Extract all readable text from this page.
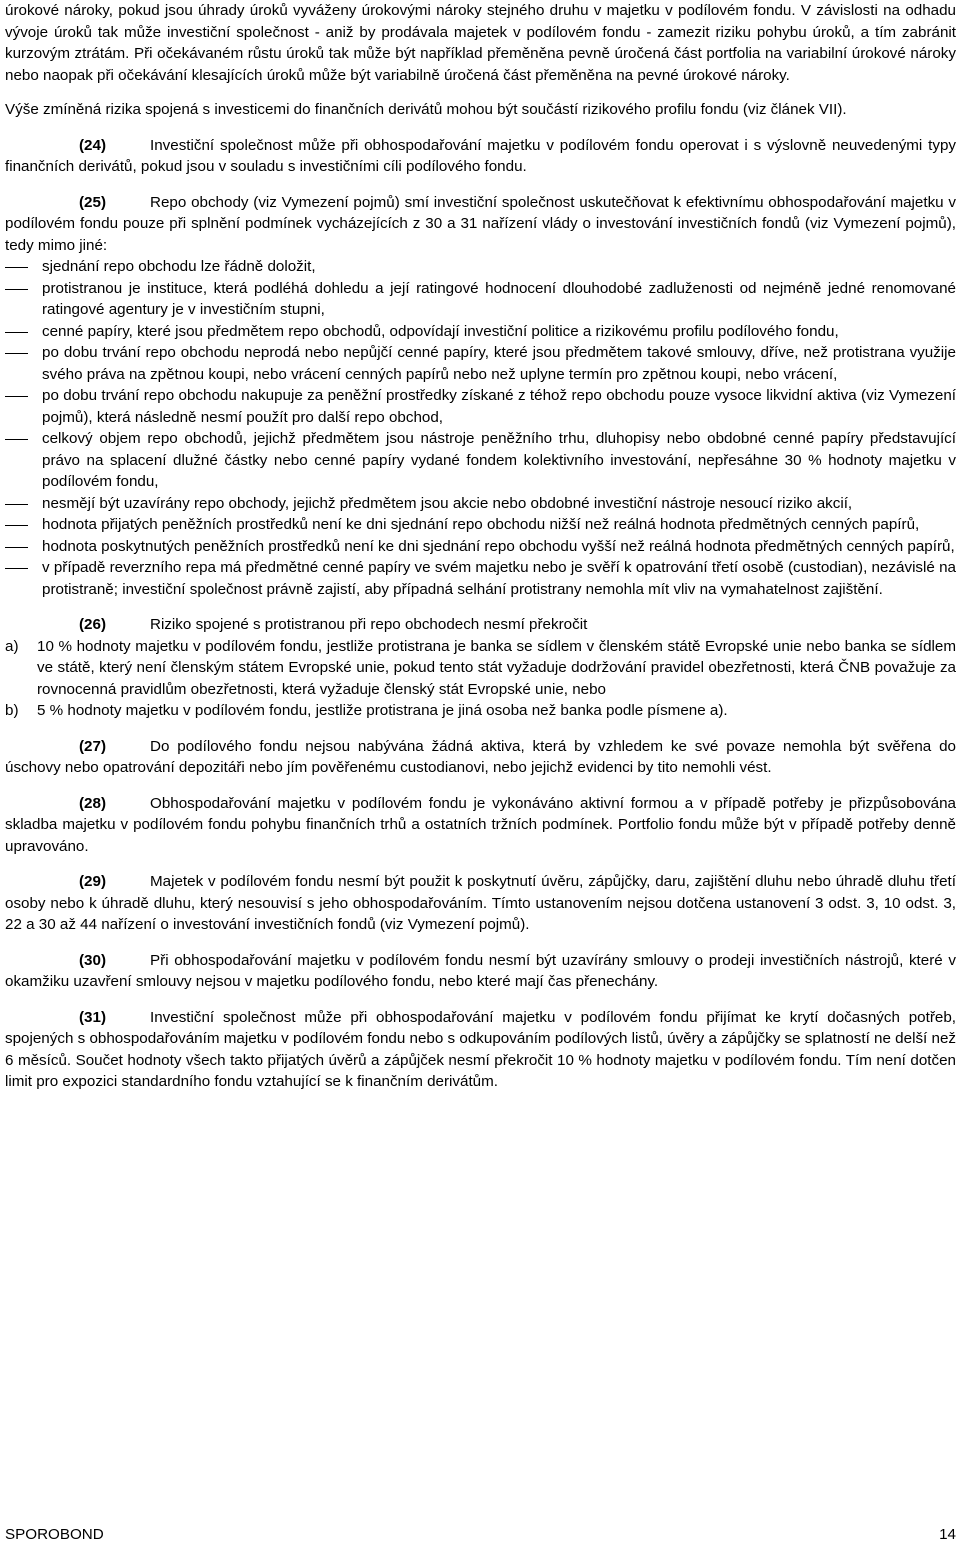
úrokové nároky, pokud jsou úhrady úroků vyváženy úrokovými nároky stejného druhu v majetku v podílovém fondu. V závislosti na odhadu vývoje úroků tak může investiční společnost - aniž by prodávala majetek v podílovém fondu - zamezit riziku pohybu úroků, a tím zabránit kurzovým ztrátám. Při očekávaném růstu úroků tak může být například přeměněna pevně úročená část portfolia na variabilní úrokové nároky nebo naopak při očekávání klesajících úroků může být variabilně úročená část přeměněna na pevné úrokové nároky.

Výše zmíněná rizika spojená s investicemi do finančních derivátů mohou být součástí rizikového profilu fondu (viz článek VII).

(24)	Investiční společnost může při obhospodařování majetku v podílovém fondu operovat i s výslovně neuvedenými typy finančních derivátů, pokud jsou v souladu s investičními cíli podílového fondu.

(25)	Repo obchody (viz Vymezení pojmů) smí investiční společnost uskutečňovat k efektivnímu obhospodařování majetku v podílovém fondu pouze při splnění podmínek vycházejících z 30 a 31 nařízení vlády o investování investičních fondů (viz Vymezení pojmů), tedy mimo jiné:

sjednání repo obchodu lze řádně doložit,
protistranou je instituce, která podléhá dohledu a její ratingové hodnocení dlouhodobé zadluženosti od nejméně jedné renomované ratingové agentury je v investičním stupni,
cenné papíry, které jsou předmětem repo obchodů, odpovídají investiční politice a rizikovému profilu podílového fondu,
po dobu trvání repo obchodu neprodá nebo nepůjčí cenné papíry, které jsou předmětem takové smlouvy, dříve, než protistrana využije svého práva na zpětnou koupi, nebo vrácení cenných papírů nebo než uplyne termín pro zpětnou koupi, nebo vrácení,
po dobu trvání repo obchodu nakupuje za peněžní prostředky získané z téhož repo obchodu pouze vysoce likvidní aktiva (viz Vymezení pojmů), která následně nesmí použít pro další repo obchod,
celkový objem repo obchodů, jejichž předmětem jsou nástroje peněžního trhu, dluhopisy nebo obdobné cenné papíry představující právo na splacení dlužné částky nebo cenné papíry vydané fondem kolektivního investování, nepřesáhne 30 % hodnoty majetku v podílovém fondu,
nesmějí být uzavírány repo obchody, jejichž předmětem jsou akcie nebo obdobné investiční nástroje nesoucí riziko akcií,
hodnota přijatých peněžních prostředků není ke dni sjednání repo obchodu nižší než reálná hodnota předmětných cenných papírů,
hodnota poskytnutých peněžních prostředků není ke dni sjednání repo obchodu vyšší než reálná hodnota předmětných cenných papírů,
v případě reverzního repa má předmětné cenné papíry ve svém majetku nebo je svěří k opatrování třetí osobě (custodian), nezávislé na protistraně; investiční společnost právně zajistí, aby případná selhání protistrany nemohla mít vliv na vymahatelnost zajištění.

(26)	Riziko spojené s protistranou při repo obchodech nesmí překročit

a) 10 % hodnoty majetku v podílovém fondu, jestliže protistrana je banka se sídlem v členském státě Evropské unie nebo banka se sídlem ve státě, který není členským státem Evropské unie, pokud tento stát vyžaduje dodržování pravidel obezřetnosti, která ČNB považuje za rovnocenná pravidlům obezřetnosti, která vyžaduje členský stát Evropské unie, nebo
b) 5 % hodnoty majetku v podílovém fondu, jestliže protistrana je jiná osoba než banka podle písmene a).

(27)	Do podílového fondu nejsou nabývána žádná aktiva, která by vzhledem ke své povaze nemohla být svěřena do úschovy nebo opatrování depozitáři nebo jím pověřenému custodianovi, nebo jejichž evidenci by tito nemohli vést.

(28)	Obhospodařování majetku v podílovém fondu je vykonáváno aktivní formou a v případě potřeby je přizpůsobována skladba majetku v podílovém fondu pohybu finančních trhů a ostatních tržních podmínek. Portfolio fondu může být v případě potřeby denně upravováno.

(29)	Majetek v podílovém fondu nesmí být použit k poskytnutí úvěru, zápůjčky, daru, zajištění dluhu nebo úhradě dluhu třetí osoby nebo k úhradě dluhu, který nesouvisí s jeho obhospodařováním. Tímto ustanovením nejsou dotčena ustanovení 3 odst. 3, 10 odst. 3, 22 a 30 až 44 nařízení o investování investičních fondů (viz Vymezení pojmů).

(30)	Při obhospodařování majetku v podílovém fondu nesmí být uzavírány smlouvy o prodeji investičních nástrojů, které v okamžiku uzavření smlouvy nejsou v majetku podílového fondu, nebo které mají čas přenechány.

(31)	Investiční společnost může při obhospodařování majetku v podílovém fondu přijímat ke krytí dočasných potřeb, spojených s obhospodařováním majetku v podílovém fondu nebo s odkupováním podílových listů, úvěry a zápůjčky se splatností ne delší než 6 měsíců. Součet hodnoty všech takto přijatých úvěrů a zápůjček nesmí překročit 10 % hodnoty majetku v podílovém fondu. Tím není dotčen limit pro expozici standardního fondu vztahující se k finančním derivátům.

SPOROBOND	14
